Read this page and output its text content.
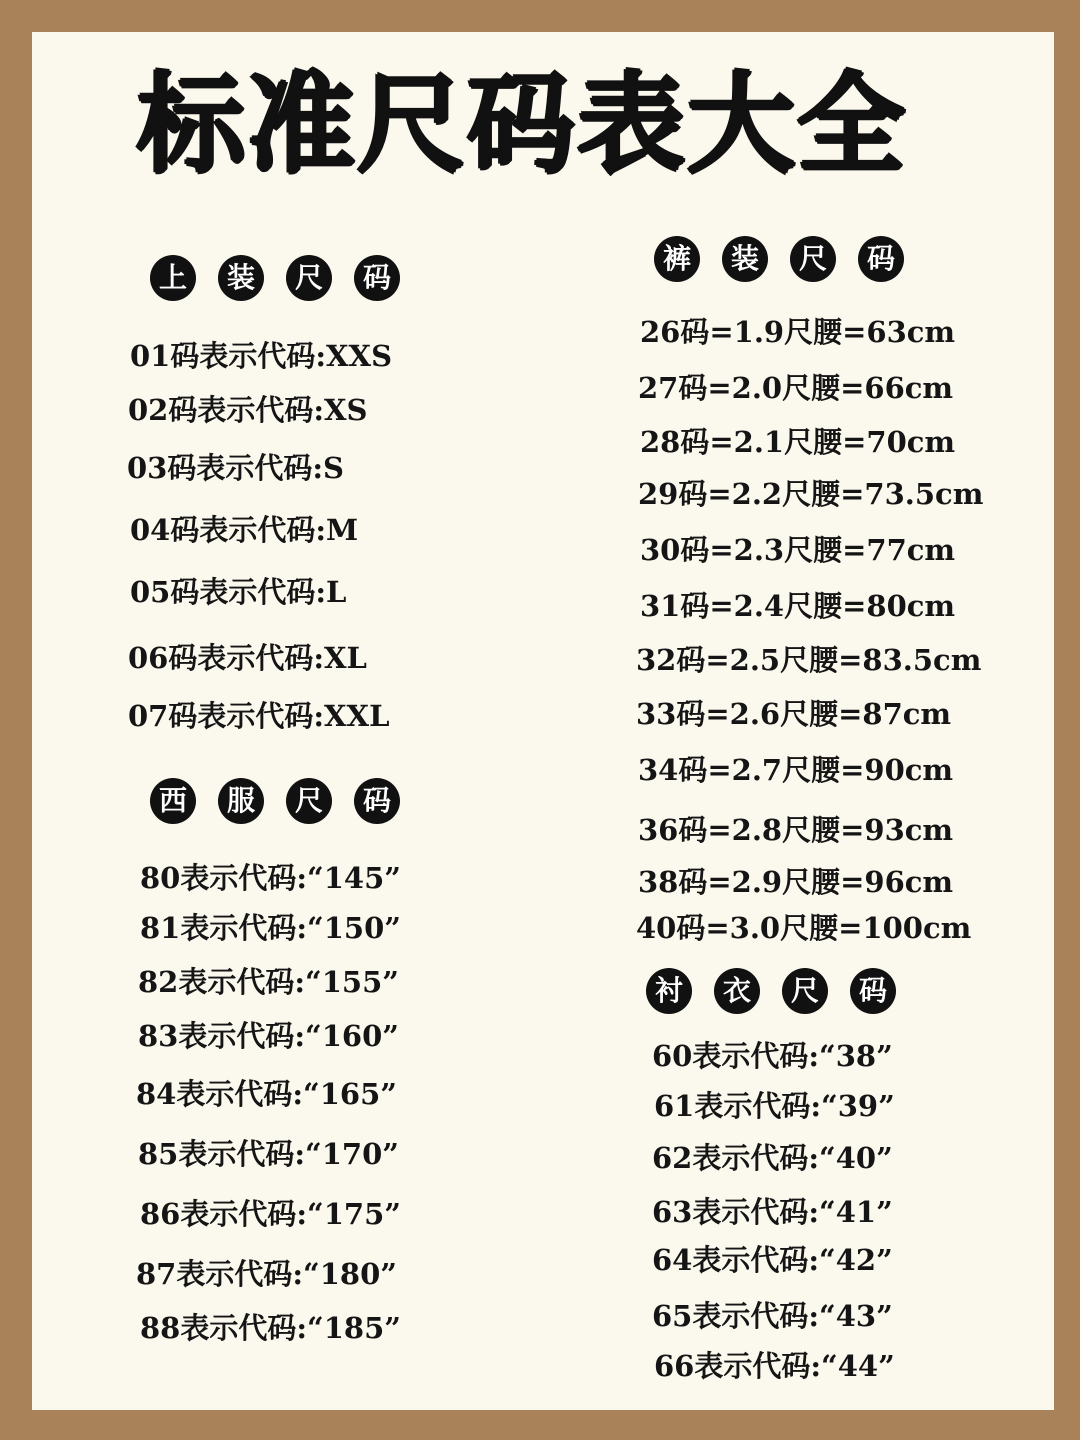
标准尺码表大全
上	装	尺	码
01码表示代码:XXS
02码表示代码:XS
03码表示代码:S
04码表示代码:M
05码表示代码:L
06码表示代码:XL
07码表示代码:XXL
西	服	尺	码
80表示代码:“145”
81表示代码:“150”
82表示代码:“155”
83表示代码:“160”
84表示代码:“165”
85表示代码:“170”
86表示代码:“175”
87表示代码:“180”
88表示代码:“185”
裤	装	尺	码
26码=1.9尺腰=63cm
27码=2.0尺腰=66cm
28码=2.1尺腰=70cm
29码=2.2尺腰=73.5cm
30码=2.3尺腰=77cm
31码=2.4尺腰=80cm
32码=2.5尺腰=83.5cm
33码=2.6尺腰=87cm
34码=2.7尺腰=90cm
36码=2.8尺腰=93cm
38码=2.9尺腰=96cm
40码=3.0尺腰=100cm
衬	衣	尺	码
60表示代码:“38”
61表示代码:“39”
62表示代码:“40”
63表示代码:“41”
64表示代码:“42”
65表示代码:“43”
66表示代码:“44”
